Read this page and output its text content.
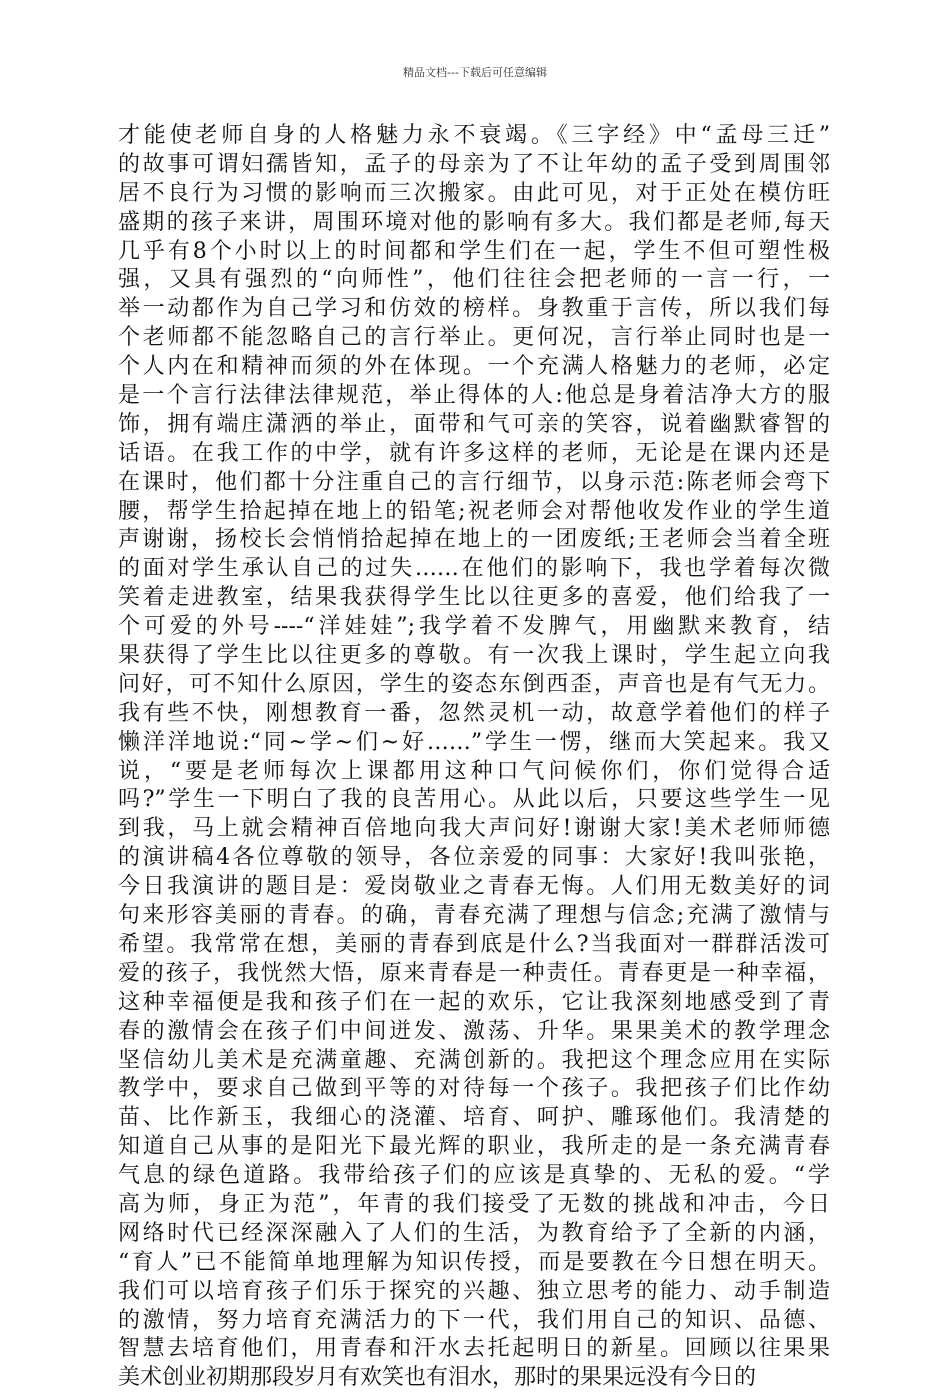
精品文档---下载后可任意编辑
才能使老师自身的人格魅力永不衰竭。《三字经》中“孟母三迁”
的故事可谓妇孺皆知，孟子的母亲为了不让年幼的孟子受到周围邻
居不良行为习惯的影响而三次搬家。由此可见，对于正处在模仿旺
盛期的孩子来讲，周围环境对他的影响有多大。我们都是老师,每天
几乎有8个小时以上的时间都和学生们在一起，学生不但可塑性极
强，又具有强烈的“向师性”，他们往往会把老师的一言一行，一
举一动都作为自己学习和仿效的榜样。身教重于言传，所以我们每
个老师都不能忽略自己的言行举止。更何况，言行举止同时也是一
个人内在和精神而须的外在体现。一个充满人格魅力的老师，必定
是一个言行法律法律规范，举止得体的人:他总是身着洁净大方的服
饰，拥有端庄潇洒的举止，面带和气可亲的笑容，说着幽默睿智的
话语。在我工作的中学，就有许多这样的老师，无论是在课内还是
在课时，他们都十分注重自己的言行细节，以身示范:陈老师会弯下
腰，帮学生拾起掉在地上的铅笔;祝老师会对帮他收发作业的学生道
声谢谢，扬校长会悄悄拾起掉在地上的一团废纸;王老师会当着全班
的面对学生承认自己的过失……在他们的影响下，我也学着每次微
笑着走进教室，结果我获得学生比以往更多的喜爱，他们给我了一
个可爱的外号----“洋娃娃”;我学着不发脾气，用幽默来教育，结
果获得了学生比以往更多的尊敬。有一次我上课时，学生起立向我
问好，可不知什么原因，学生的姿态东倒西歪，声音也是有气无力。
我有些不快，刚想教育一番，忽然灵机一动，故意学着他们的样子
懒洋洋地说:“同~学~们~好……”学生一愣，继而大笑起来。我又
说，“要是老师每次上课都用这种口气问候你们，你们觉得合适
吗?”学生一下明白了我的良苦用心。从此以后，只要这些学生一见
到我，马上就会精神百倍地向我大声问好!谢谢大家!美术老师师德
的演讲稿4各位尊敬的领导，各位亲爱的同事：大家好!我叫张艳，
今日我演讲的题目是：爱岗敬业之青春无悔。人们用无数美好的词
句来形容美丽的青春。的确，青春充满了理想与信念;充满了激情与
希望。我常常在想，美丽的青春到底是什么?当我面对一群群活泼可
爱的孩子，我恍然大悟，原来青春是一种责任。青春更是一种幸福，
这种幸福便是我和孩子们在一起的欢乐，它让我深刻地感受到了青
春的激情会在孩子们中间迸发、激荡、升华。果果美术的教学理念
坚信幼儿美术是充满童趣、充满创新的。我把这个理念应用在实际
教学中，要求自己做到平等的对待每一个孩子。我把孩子们比作幼
苗、比作新玉，我细心的浇灌、培育、呵护、雕琢他们。我清楚的
知道自己从事的是阳光下最光辉的职业，我所走的是一条充满青春
气息的绿色道路。我带给孩子们的应该是真挚的、无私的爱。“学
高为师，身正为范”，年青的我们接受了无数的挑战和冲击，今日
网络时代已经深深融入了人们的生活，为教育给予了全新的内涵，
“育人”已不能简单地理解为知识传授，而是要教在今日想在明天。
我们可以培育孩子们乐于探究的兴趣、独立思考的能力、动手制造
的激情，努力培育充满活力的下一代，我们用自己的知识、品德、
智慧去培育他们，用青春和汗水去托起明日的新星。回顾以往果果
美术创业初期那段岁月有欢笑也有泪水，那时的果果远没有今日的
